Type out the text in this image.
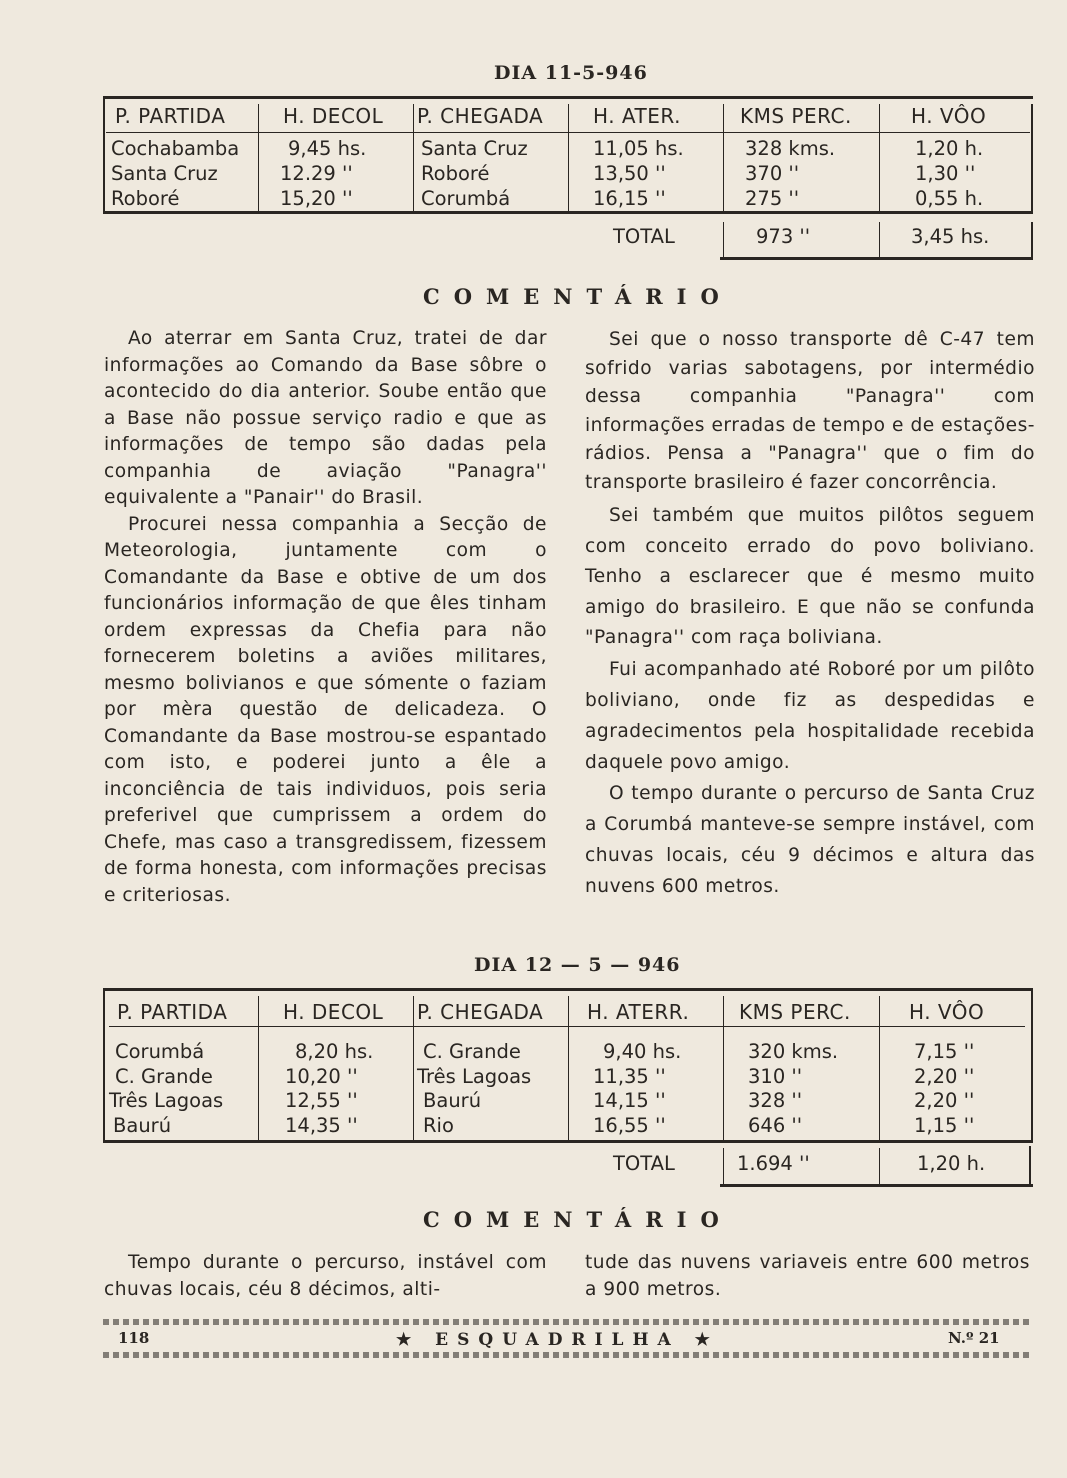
DIA 11-5-946
P. PARTIDA	H. DECOL P. CHEGADA H. ATER.	KMS PERC.	H. VÔO
Cochabamba	9,45 hs.	Santa Cruz	11,05 hs.	328 kms.	1,20 h.
Santa Cruz	12.29 ''	Roboré	13,50 ''	370 ''	1,30 ''
Roboré	15,20 ''	Corumbá	16,15 ''	275 ''	0,55 h.
TOTAL	973 ''	3,45 hs.
COMENTÁRIO

Ao aterrar em Santa Cruz, tratei de dar informações ao Comando da Base sôbre o acontecido do dia anterior. Soube então que a Base não possue serviço radio e que as informações de tempo são dadas pela companhia de aviação "Panagra'' equivalente a "Panair'' do Brasil.

Procurei nessa companhia a Secção de Meteorologia, juntamente com o Comandante da Base e obtive de um dos funcionários informação de que êles tinham ordem expressas da Chefia para não fornecerem boletins a aviões militares, mesmo bolivianos e que sómente o faziam por mèra questão de delicadeza. O Comandante da Base mostrou-se espantado com isto, e poderei junto a êle a inconciência de tais individuos, pois seria preferivel que cumprissem a ordem do Chefe, mas caso a transgredissem, fizessem de forma honesta, com informações precisas e criteriosas.

Sei que o nosso transporte dê C-47 tem sofrido varias sabotagens, por intermédio dessa companhia "Panagra'' com informações erradas de tempo e de estações-rádios. Pensa a "Panagra'' que o fim do transporte brasileiro é fazer concorrência.

Sei também que muitos pilôtos seguem com conceito errado do povo boliviano. Tenho a esclarecer que é mesmo muito amigo do brasileiro. E que não se confunda "Panagra'' com raça boliviana.

Fui acompanhado até Roboré por um pilôto boliviano, onde fiz as despedidas e agradecimentos pela hospitalidade recebida daquele povo amigo.

O tempo durante o percurso de Santa Cruz a Corumbá manteve-se sempre instável, com chuvas locais, céu 9 décimos e altura das nuvens 600 metros.

DIA 12 — 5 — 946
P. PARTIDA	H. DECOL P. CHEGADA H. ATERR. KMS PERC.	H. VÔO
Corumbá	8,20 hs.	C. Grande	9,40 hs.	320 kms.	7,15 ''
C. Grande	10,20 ''	Três Lagoas	11,35 ''	310 ''	2,20 ''
Três Lagoas	12,55 ''	Baurú	14,15 ''	328 ''	2,20 ''
Baurú	14,35 ''	Rio	16,55 ''	646 ''	1,15 ''
TOTAL	1.694 ''	1,20 h.
COMENTÁRIO

Tempo durante o percurso, instável com chuvas locais, céu 8 décimos, alti-

tude das nuvens variaveis entre 600 metros a 900 metros.

118	★ ESQUADRILHA ★	N.º 21
